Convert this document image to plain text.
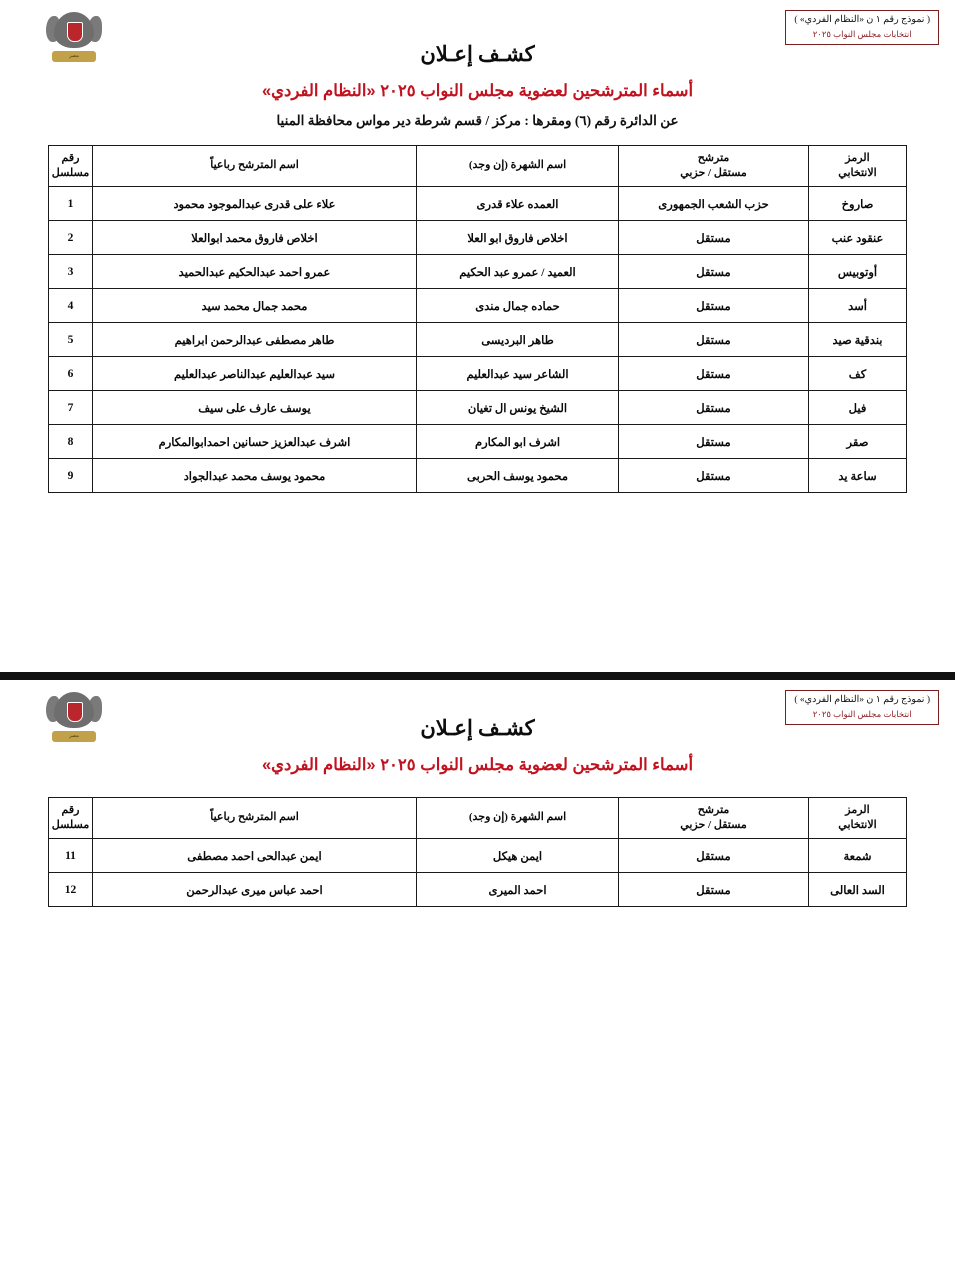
( نموذج رقم ١ ن «النظام الفردي» )
انتخابات مجلس النواب ٢٠٢٥
مصر	كشـف إعـلان
أسماء المترشحين لعضوية مجلس النواب ٢٠٢٥ «النظام الفردي»
عن الدائرة رقم (٦) ومقرها : مركز / قسم شرطة دير مواس محافظة المنيا
الرمز
الانتخابي	مترشح
مستقل / حزبي	اسم الشهرة (إن وجد)	اسم المترشح رباعياً	رقم
مسلسل

صاروخ	حزب الشعب الجمهورى	العمده علاء قدرى	علاء على قدرى عبدالموجود محمود	1
عنقود عنب	مستقل	اخلاص فاروق ابو العلا	اخلاص فاروق محمد ابوالعلا	2
أوتوبيس	مستقل	العميد / عمرو عبد الحكيم	عمرو احمد عبدالحكيم عبدالحميد	3
أسد	مستقل	حماده جمال مندى	محمد جمال محمد سيد	4
بندقية صيد	مستقل	طاهر البرديسى	طاهر مصطفى عبدالرحمن ابراهيم	5
كف	مستقل	الشاعر سيد عبدالعليم	سيد عبدالعليم عبدالناصر عبدالعليم	6
فيل	مستقل	الشيخ يونس ال تغيان	يوسف عارف على سيف	7
صقر	مستقل	اشرف ابو المكارم	اشرف عبدالعزيز حسانين احمدابوالمكارم	8
ساعة يد	مستقل	محمود يوسف الحربى	محمود يوسف محمد عبدالجواد	9
( نموذج رقم ١ ن «النظام الفردي» )
انتخابات مجلس النواب ٢٠٢٥
مصر	كشـف إعـلان
أسماء المترشحين لعضوية مجلس النواب ٢٠٢٥ «النظام الفردي»
الرمز
الانتخابي	مترشح
مستقل / حزبي	اسم الشهرة (إن وجد)	اسم المترشح رباعياً	رقم
مسلسل

شمعة	مستقل	ايمن هيكل	ايمن عبدالحى احمد مصطفى	11
السد العالى	مستقل	احمد الميرى	احمد عباس ميرى عبدالرحمن	12
